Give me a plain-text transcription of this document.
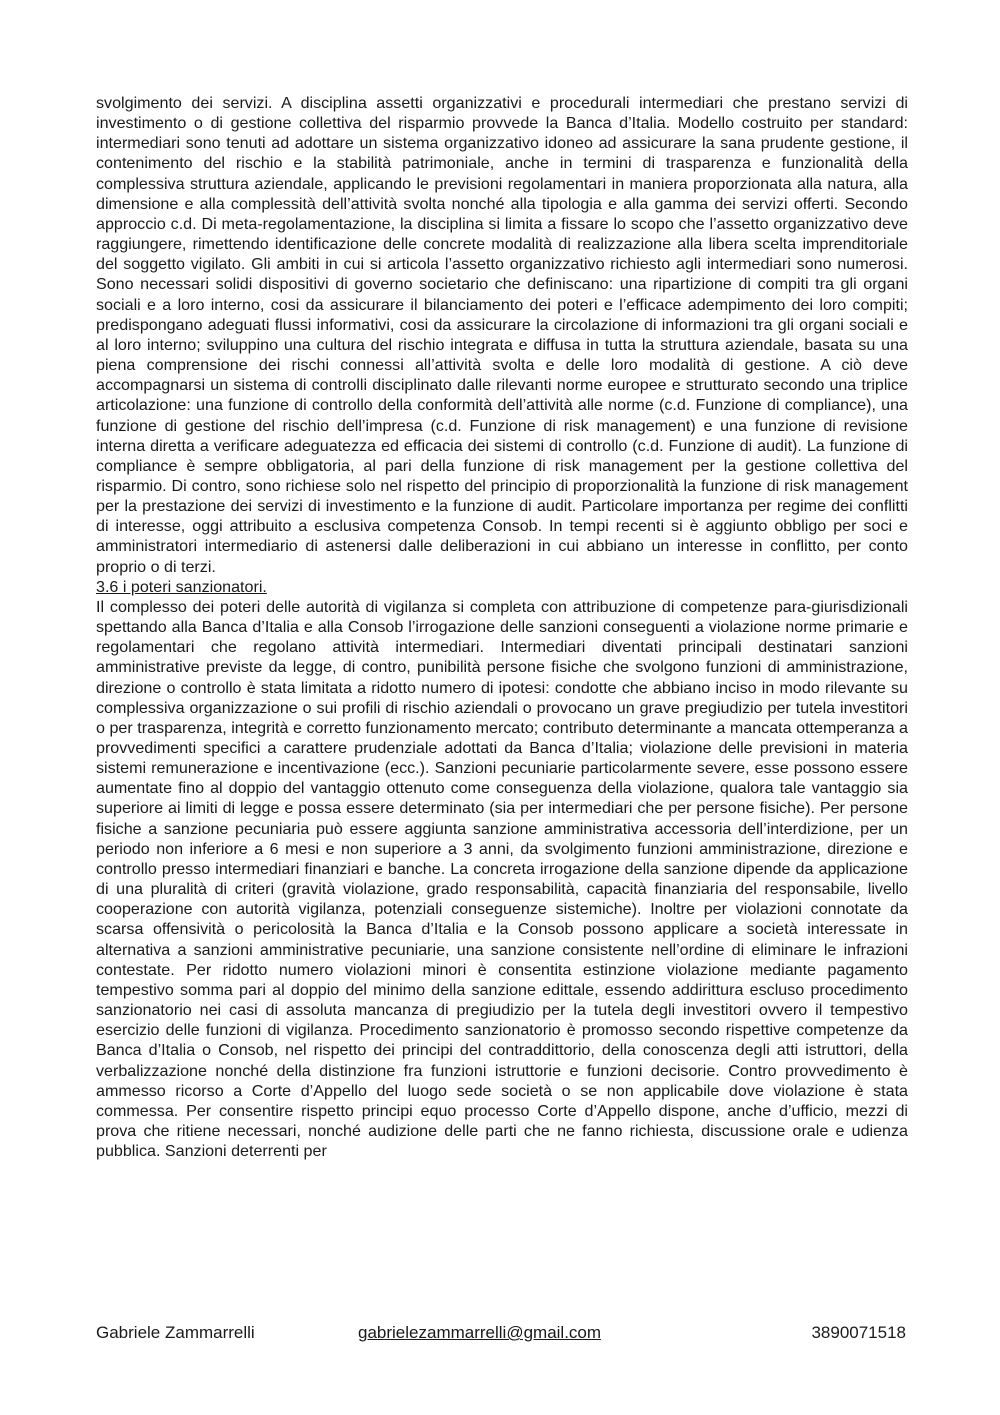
svolgimento dei servizi. A disciplina assetti organizzativi e procedurali intermediari che prestano servizi di investimento o di gestione collettiva del risparmio provvede la Banca d’Italia. Modello costruito per standard: intermediari sono tenuti ad adottare un sistema organizzativo idoneo ad assicurare la sana prudente gestione, il contenimento del rischio e la stabilità patrimoniale, anche in termini di trasparenza e funzionalità della complessiva struttura aziendale, applicando le previsioni regolamentari in maniera proporzionata alla natura, alla dimensione e alla complessità dell’attività svolta nonché alla tipologia e alla gamma dei servizi offerti. Secondo approccio c.d. Di meta-regolamentazione, la disciplina si limita a fissare lo scopo che l’assetto organizzativo deve raggiungere, rimettendo identificazione delle concrete modalità di realizzazione alla libera scelta imprenditoriale del soggetto vigilato. Gli ambiti in cui si articola l’assetto organizzativo richiesto agli intermediari sono numerosi. Sono necessari solidi dispositivi di governo societario che definiscano: una ripartizione di compiti tra gli organi sociali e a loro interno, cosi da assicurare il bilanciamento dei poteri e l’efficace adempimento dei loro compiti; predispongano adeguati flussi informativi, cosi da assicurare la circolazione di informazioni tra gli organi sociali e al loro interno; sviluppino una cultura del rischio integrata e diffusa in tutta la struttura aziendale, basata su una piena comprensione dei rischi connessi all’attività svolta e delle loro modalità di gestione. A ciò deve accompagnarsi un sistema di controlli disciplinato dalle rilevanti norme europee e strutturato secondo una triplice articolazione: una funzione di controllo della conformità dell’attività alle norme (c.d. Funzione di compliance), una funzione di gestione del rischio dell’impresa (c.d. Funzione di risk management) e una funzione di revisione interna diretta a verificare adeguatezza ed efficacia dei sistemi di controllo (c.d. Funzione di audit). La funzione di compliance è sempre obbligatoria, al pari della funzione di risk management per la gestione collettiva del risparmio. Di contro, sono richiese solo nel rispetto del principio di proporzionalità la funzione di risk management per la prestazione dei servizi di investimento e la funzione di audit. Particolare importanza per regime dei conflitti di interesse, oggi attribuito a esclusiva competenza Consob. In tempi recenti si è aggiunto obbligo per soci e amministratori intermediario di astenersi dalle deliberazioni in cui abbiano un interesse in conflitto, per conto proprio o di terzi.

3.6 i poteri sanzionatori.

Il complesso dei poteri delle autorità di vigilanza si completa con attribuzione di competenze para-giurisdizionali spettando alla Banca d’Italia e alla Consob l’irrogazione delle sanzioni conseguenti a violazione norme primarie e regolamentari che regolano attività intermediari. Intermediari diventati principali destinatari sanzioni amministrative previste da legge, di contro, punibilità persone fisiche che svolgono funzioni di amministrazione, direzione o controllo è stata limitata a ridotto numero di ipotesi: condotte che abbiano inciso in modo rilevante su complessiva organizzazione o sui profili di rischio aziendali o provocano un grave pregiudizio per tutela investitori o per trasparenza, integrità e corretto funzionamento mercato; contributo determinante a mancata ottemperanza a provvedimenti specifici a carattere prudenziale adottati da Banca d’Italia; violazione delle previsioni in materia sistemi remunerazione e incentivazione (ecc.). Sanzioni pecuniarie particolarmente severe, esse possono essere aumentate fino al doppio del vantaggio ottenuto come conseguenza della violazione, qualora tale vantaggio sia superiore ai limiti di legge e possa essere determinato (sia per intermediari che per persone fisiche). Per persone fisiche a sanzione pecuniaria può essere aggiunta sanzione amministrativa accessoria dell’interdizione, per un periodo non inferiore a 6 mesi e non superiore a 3 anni, da svolgimento funzioni amministrazione, direzione e controllo presso intermediari finanziari e banche. La concreta irrogazione della sanzione dipende da applicazione di una pluralità di criteri (gravità violazione, grado responsabilità, capacità finanziaria del responsabile, livello cooperazione con autorità vigilanza, potenziali conseguenze sistemiche). Inoltre per violazioni connotate da scarsa offensività o pericolosità la Banca d’Italia e la Consob possono applicare a società interessate in alternativa a sanzioni amministrative pecuniarie, una sanzione consistente nell’ordine di eliminare le infrazioni contestate. Per ridotto numero violazioni minori è consentita estinzione violazione mediante pagamento tempestivo somma pari al doppio del minimo della sanzione edittale, essendo addirittura escluso procedimento sanzionatorio nei casi di assoluta mancanza di pregiudizio per la tutela degli investitori ovvero il tempestivo esercizio delle funzioni di vigilanza. Procedimento sanzionatorio è promosso secondo rispettive competenze da Banca d’Italia o Consob, nel rispetto dei principi del contraddittorio, della conoscenza degli atti istruttori, della verbalizzazione nonché della distinzione fra funzioni istruttorie e funzioni decisorie. Contro provvedimento è ammesso ricorso a Corte d’Appello del luogo sede società o se non applicabile dove violazione è stata commessa. Per consentire rispetto principi equo processo Corte d’Appello dispone, anche d’ufficio, mezzi di prova che ritiene necessari, nonché audizione delle parti che ne fanno richiesta, discussione orale e udienza pubblica. Sanzioni deterrenti per

Gabriele Zammarrelli	gabrielezammarrelli@gmail.com	3890071518
